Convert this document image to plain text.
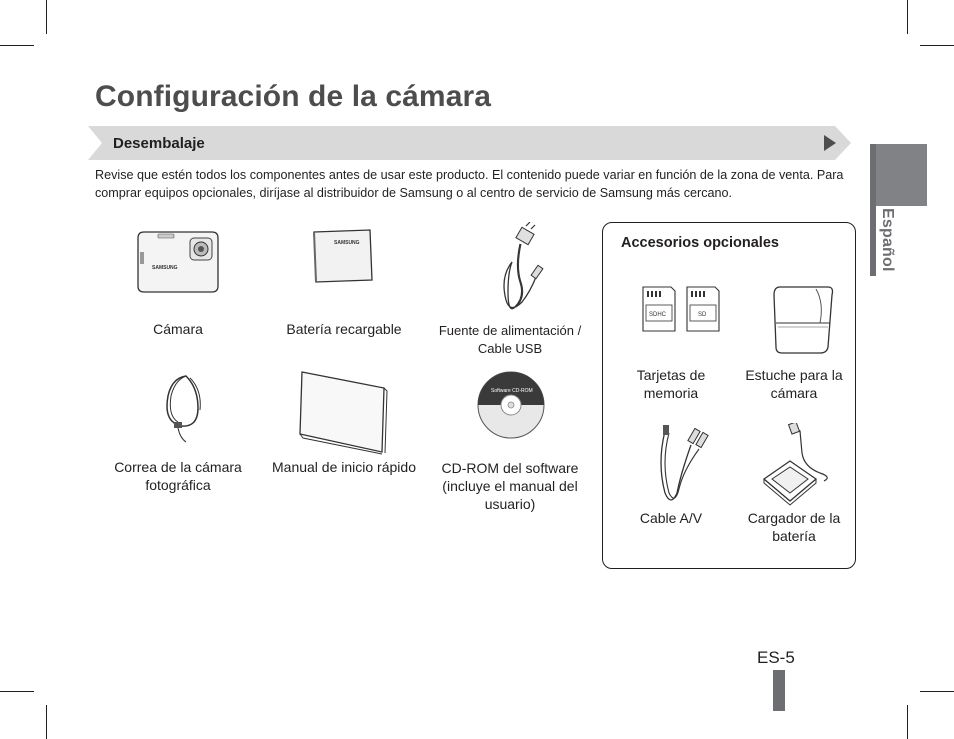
Configuración de la cámara
Desembalaje

Revise que estén todos los componentes antes de usar este producto. El contenido puede variar en función de la zona de venta. Para comprar equipos opcionales, diríjase al distribuidor de Samsung o al centro de servicio de Samsung más cercano.

Español
SAMSUNG
Cámara
SAMSUNG
Batería recargable	Fuente de alimentación / Cable USB
Correa de la cámara fotográfica
Manual de inicio rápido
Software CD-ROM
CD-ROM del software (incluye el manual del usuario)
Accesorios opcionales
SDHC	SD
Tarjetas de memoria
Estuche para la cámara
Cable A/V	Cargador de la batería
ES-5
